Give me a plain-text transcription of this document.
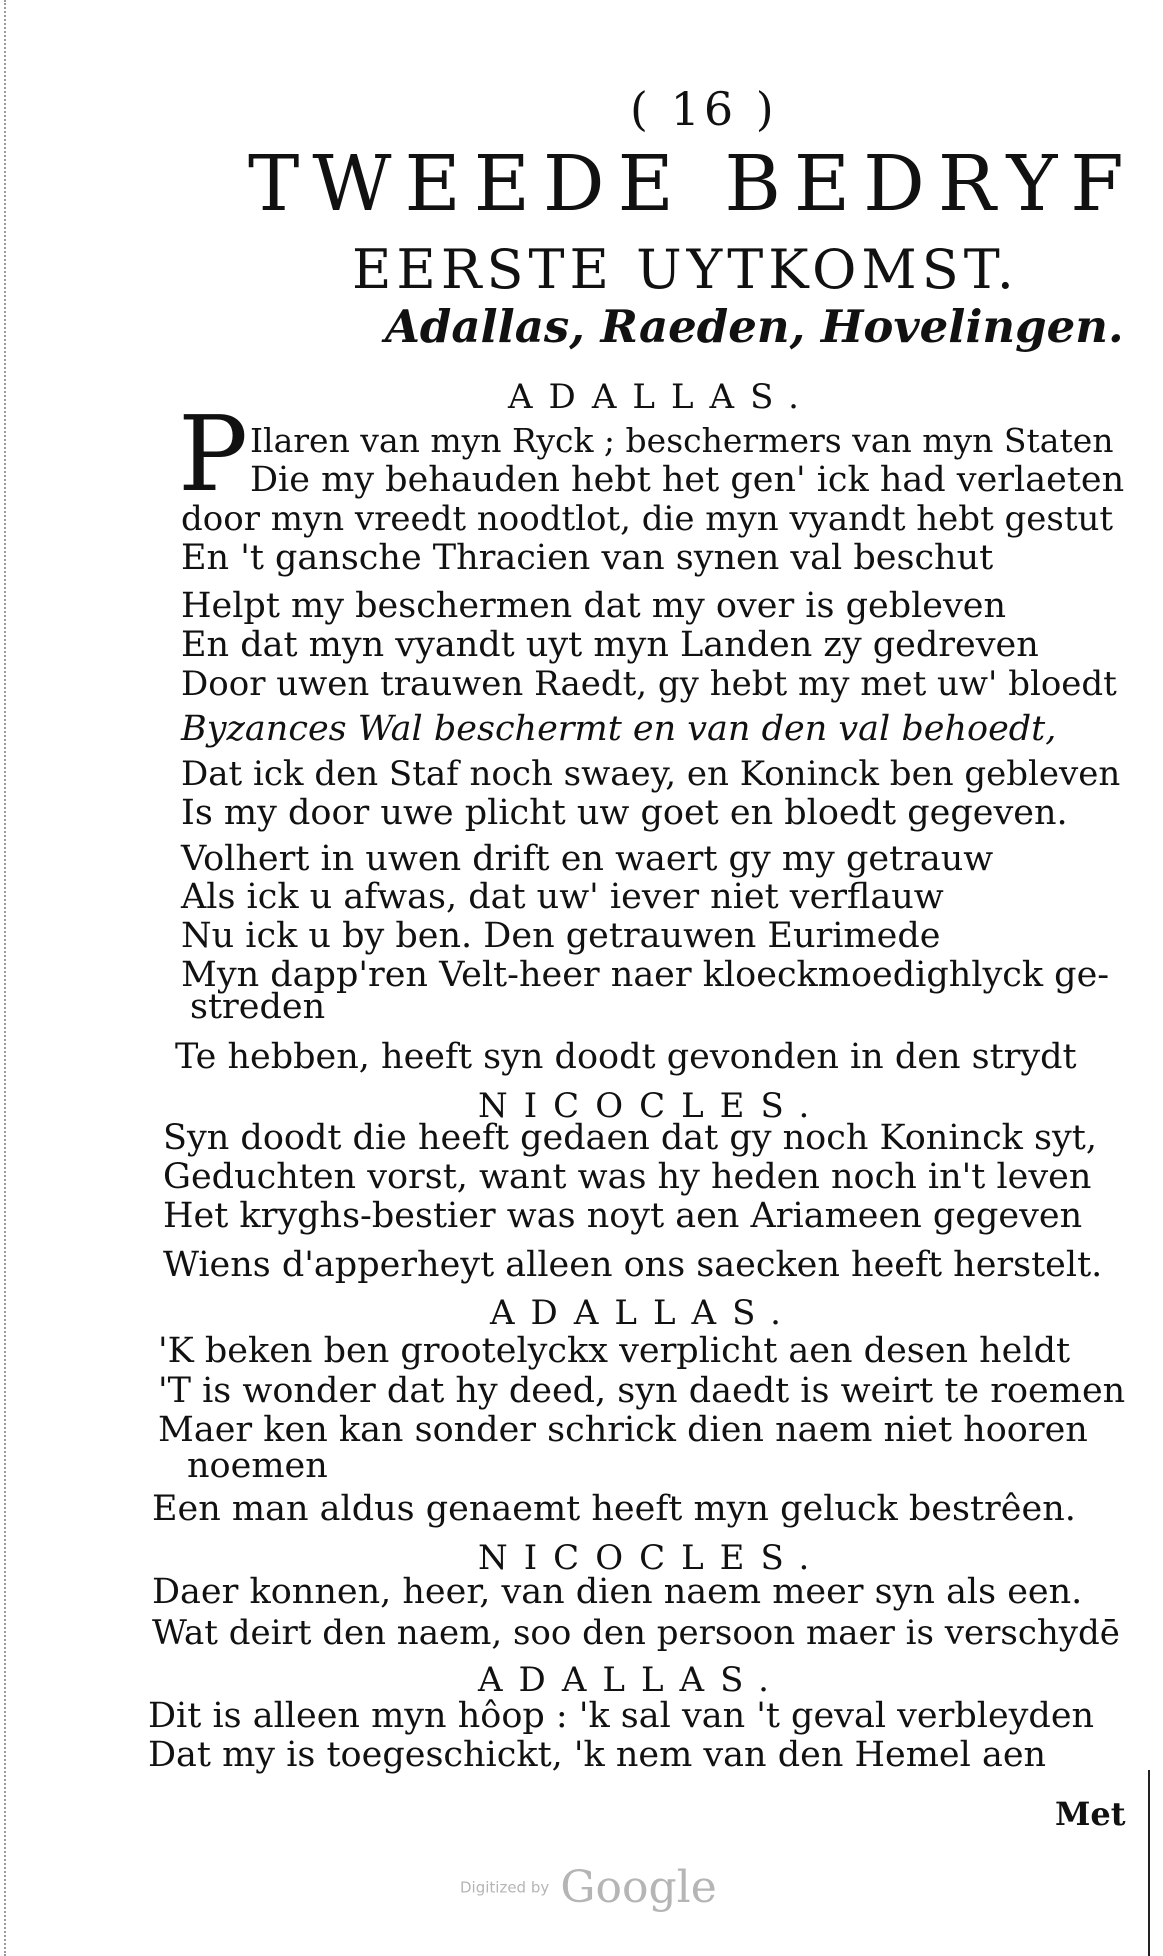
( 16 )
TWEEDE BEDRYF
EERSTE UYTKOMST.
Adallas, Raeden, Hovelingen.
ADALLAS.
P Ilaren van myn Ryck ; beschermers van myn Staten
Die my behauden hebt het gen' ick had verlaeten
door myn vreedt noodtlot, die myn vyandt hebt gestut
En 't gansche Thracien van synen val beschut
Helpt my beschermen dat my over is gebleven
En dat myn vyandt uyt myn Landen zy gedreven
Door uwen trauwen Raedt, gy hebt my met uw' bloedt
Byzances Wal beschermt en van den val behoedt,
Dat ick den Staf noch swaey, en Koninck ben gebleven
Is my door uwe plicht uw goet en bloedt gegeven.
Volhert in uwen drift en waert gy my getrauw
Als ick u afwas, dat uw' iever niet verflauw
Nu ick u by ben. Den getrauwen Eurimede
Myn dapp'ren Velt-heer naer kloeckmoedighlyck ge-
streden
Te hebben, heeft syn doodt gevonden in den strydt
NICOCLES.
Syn doodt die heeft gedaen dat gy noch Koninck syt,
Geduchten vorst, want was hy heden noch in't leven
Het kryghs-bestier was noyt aen Ariameen gegeven
Wiens d'apperheyt alleen ons saecken heeft herstelt.
ADALLAS.
'K beken ben grootelyckx verplicht aen desen heldt
'T is wonder dat hy deed, syn daedt is weirt te roemen
Maer ken kan sonder schrick dien naem niet hooren
noemen
Een man aldus genaemt heeft myn geluck bestrêen.
NICOCLES.
Daer konnen, heer, van dien naem meer syn als een.
Wat deirt den naem, soo den persoon maer is verschydē
ADALLAS.
Dit is alleen myn hôop : 'k sal van 't geval verbleyden
Dat my is toegeschickt, 'k nem van den Hemel aen
Met
Digitized by Google
